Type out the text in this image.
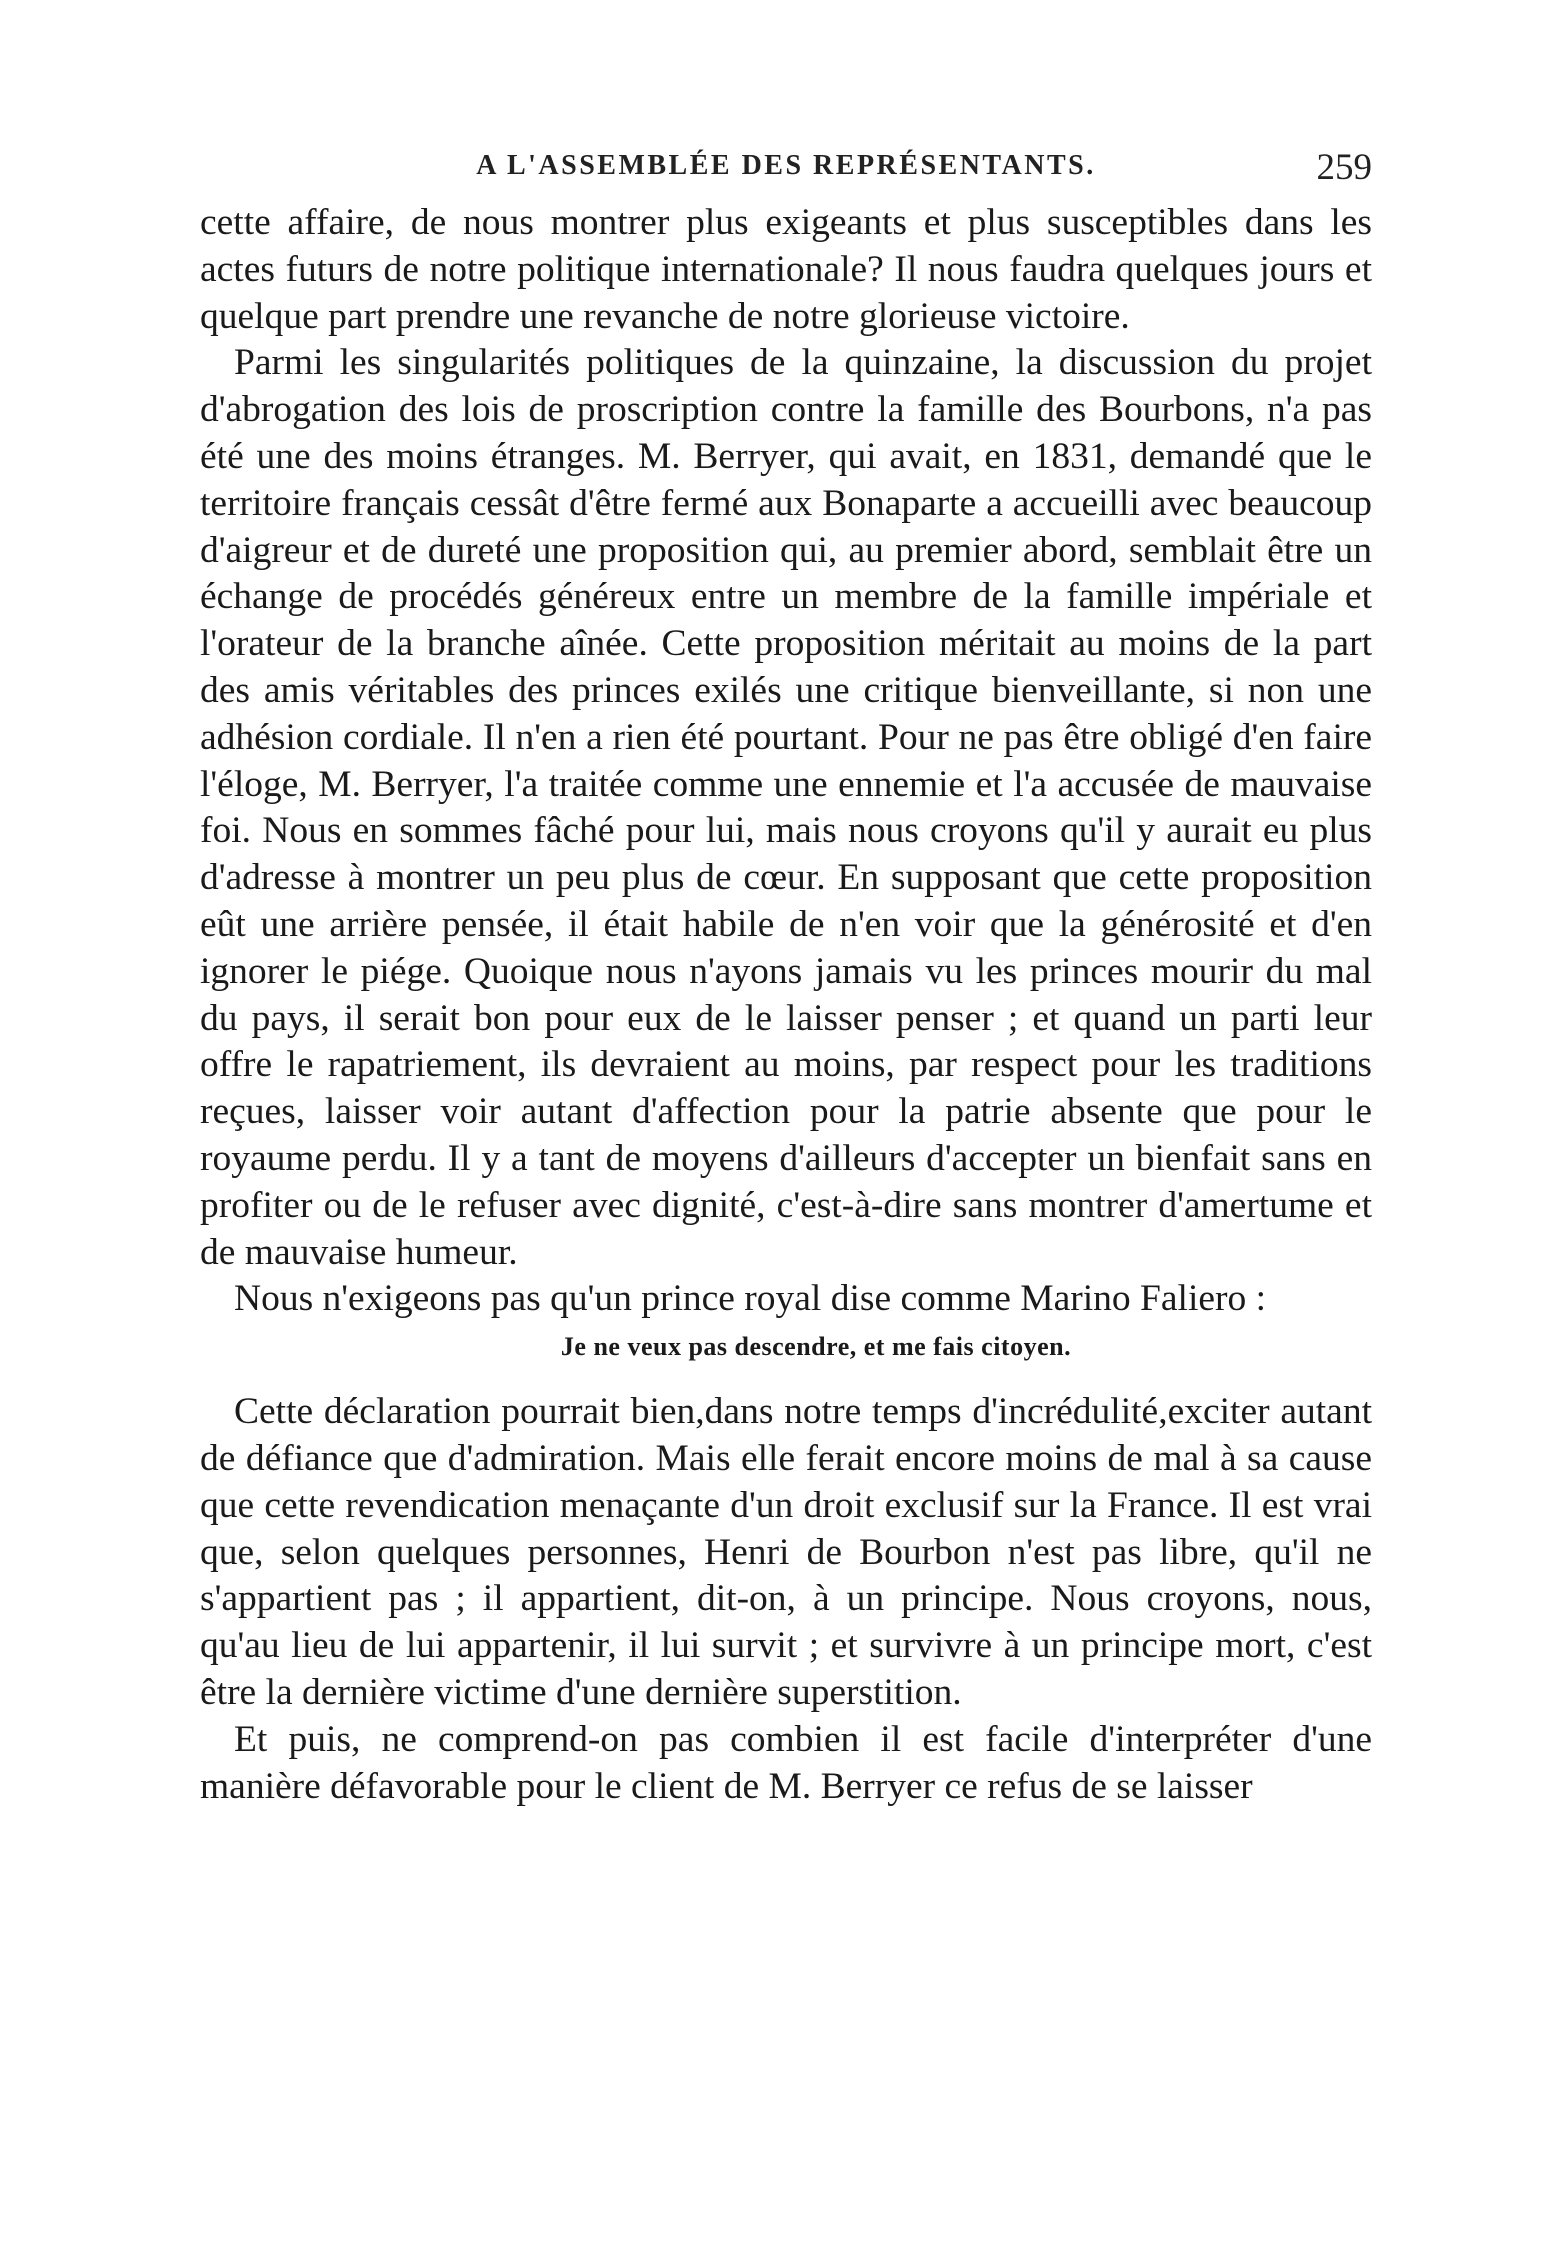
A L'ASSEMBLÉE DES REPRÉSENTANTS.	259

cette affaire, de nous montrer plus exigeants et plus susceptibles dans les actes futurs de notre politique internationale? Il nous faudra quelques jours et quelque part prendre une revanche de notre glorieuse victoire.

Parmi les singularités politiques de la quinzaine, la discussion du projet d'abrogation des lois de proscription contre la famille des Bourbons, n'a pas été une des moins étranges. M. Berryer, qui avait, en 1831, demandé que le territoire français cessât d'être fermé aux Bonaparte a accueilli avec beaucoup d'aigreur et de dureté une proposition qui, au premier abord, semblait être un échange de procédés généreux entre un membre de la famille impériale et l'orateur de la branche aînée. Cette proposition méritait au moins de la part des amis véritables des princes exilés une critique bienveillante, si non une adhésion cordiale. Il n'en a rien été pourtant. Pour ne pas être obligé d'en faire l'éloge, M. Berryer, l'a traitée comme une ennemie et l'a accusée de mauvaise foi. Nous en sommes fâché pour lui, mais nous croyons qu'il y aurait eu plus d'adresse à montrer un peu plus de cœur. En supposant que cette proposition eût une arrière pensée, il était habile de n'en voir que la générosité et d'en ignorer le piége. Quoique nous n'ayons jamais vu les princes mourir du mal du pays, il serait bon pour eux de le laisser penser ; et quand un parti leur offre le rapatriement, ils devraient au moins, par respect pour les traditions reçues, laisser voir autant d'affection pour la patrie absente que pour le royaume perdu. Il y a tant de moyens d'ailleurs d'accepter un bienfait sans en profiter ou de le refuser avec dignité, c'est-à-dire sans montrer d'amertume et de mauvaise humeur.

Nous n'exigeons pas qu'un prince royal dise comme Marino Faliero :

Je ne veux pas descendre, et me fais citoyen.

Cette déclaration pourrait bien,dans notre temps d'incrédulité,exciter autant de défiance que d'admiration. Mais elle ferait encore moins de mal à sa cause que cette revendication menaçante d'un droit exclusif sur la France. Il est vrai que, selon quelques personnes, Henri de Bourbon n'est pas libre, qu'il ne s'appartient pas ; il appartient, dit-on, à un principe. Nous croyons, nous, qu'au lieu de lui appartenir, il lui survit ; et survivre à un principe mort, c'est être la dernière victime d'une dernière superstition.

Et puis, ne comprend-on pas combien il est facile d'interpréter d'une manière défavorable pour le client de M. Berryer ce refus de se laisser
